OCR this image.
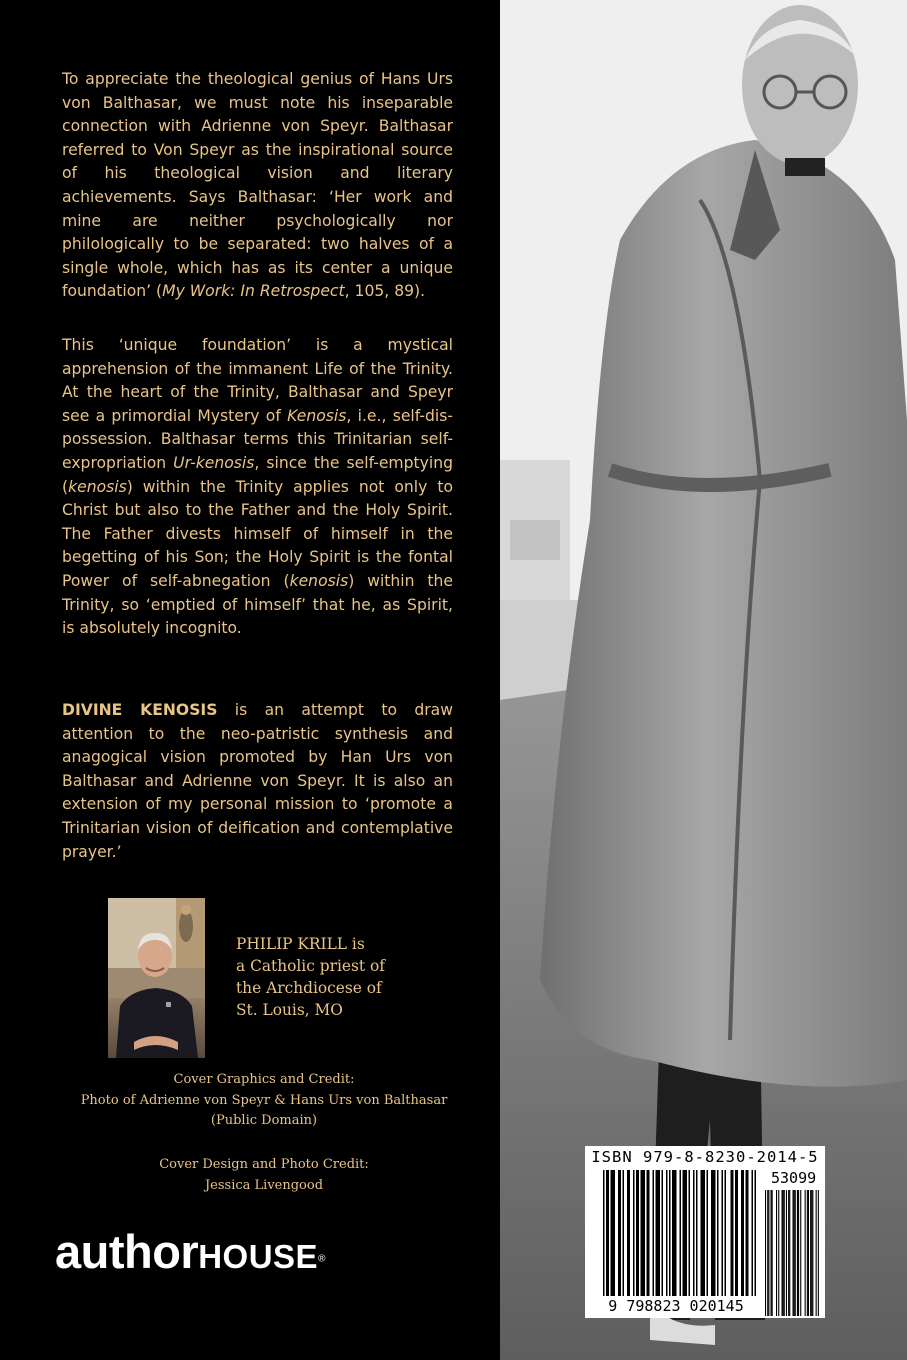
To appreciate the theological genius of Hans Urs von Balthasar, we must note his inseparable connection with Adrienne von Speyr. Balthasar referred to Von Speyr as the inspirational source of his theological vision and literary achievements. Says Balthasar: ‘Her work and mine are neither psychologically nor philologically to be separated: two halves of a single whole, which has as its center a unique foundation’ (My Work: In Retrospect, 105, 89).

This ‘unique foundation’ is a mystical apprehension of the immanent Life of the Trinity. At the heart of the Trinity, Balthasar and Speyr see a primordial Mystery of Kenosis, i.e., self-dis-possession. Balthasar terms this Trinitarian self-expropriation Ur-kenosis, since the self-emptying (kenosis) within the Trinity applies not only to Christ but also to the Father and the Holy Spirit. The Father divests himself of himself in the begetting of his Son; the Holy Spirit is the fontal Power of self-abnegation (kenosis) within the Trinity, so ‘emptied of himself’ that he, as Spirit, is absolutely incognito.

DIVINE KENOSIS is an attempt to draw attention to the neo-patristic synthesis and anagogical vision promoted by Han Urs von Balthasar and Adrienne von Speyr. It is also an extension of my personal mission to ‘promote a Trinitarian vision of deification and contemplative prayer.’

PHILIP KRILL is
a Catholic priest of
the Archdiocese of
St. Louis, MO
Cover Graphics and Credit:
Photo of Adrienne von Speyr & Hans Urs von Balthasar
(Public Domain)
Cover Design and Photo Credit:
Jessica Livengood
authorHOUSE®
ISBN 979-8-8230-2014-5
53099
9 798823 020145
